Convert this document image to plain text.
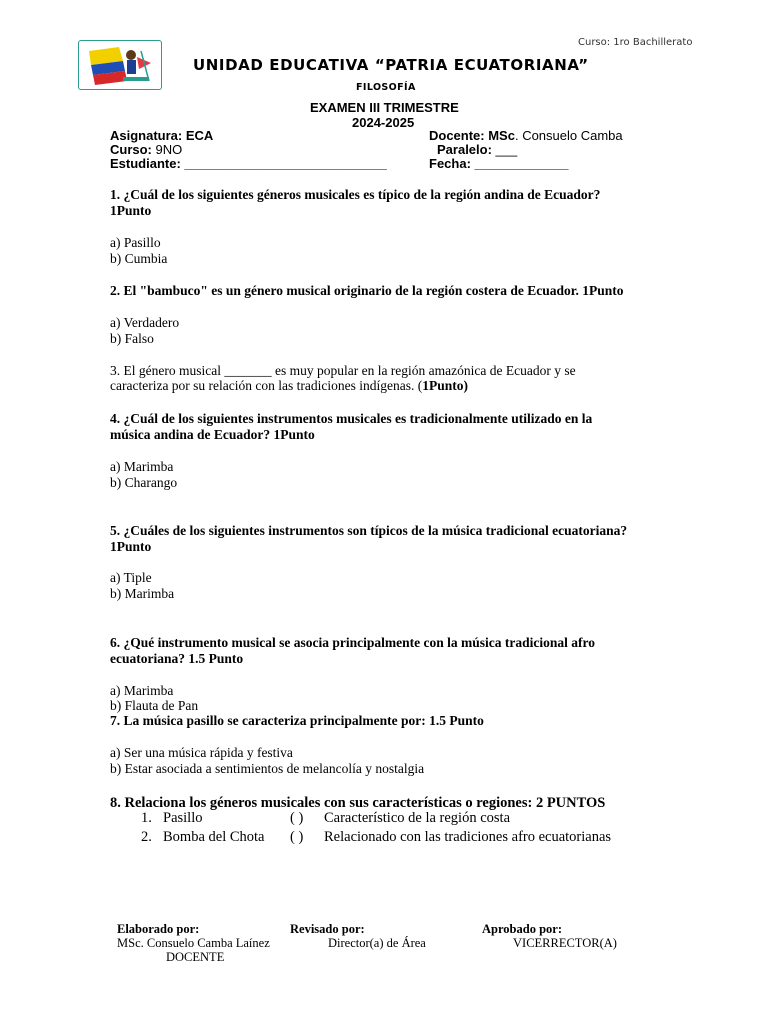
Curso: 1ro Bachillerato
UNIDAD EDUCATIVA “PATRIA ECUATORIANA”
FILOSOFÍA
EXAMEN III TRIMESTRE
2024-2025
Asignatura: ECA	Docente: MSc. Consuelo Camba
Curso: 9NO	Paralelo: ___
Estudiante: ____________________________	Fecha: _____________
1. ¿Cuál de los siguientes géneros musicales es típico de la región andina de Ecuador?
1Punto
a) Pasillo
b) Cumbia
2. El "bambuco" es un género musical originario de la región costera de Ecuador. 1Punto
a) Verdadero
b) Falso
3. El género musical _______ es muy popular en la región amazónica de Ecuador y se
caracteriza por su relación con las tradiciones indígenas. (1Punto)
4. ¿Cuál de los siguientes instrumentos musicales es tradicionalmente utilizado en la
música andina de Ecuador? 1Punto
a) Marimba
b) Charango
5. ¿Cuáles de los siguientes instrumentos son típicos de la música tradicional ecuatoriana?
1Punto
a) Tiple
b) Marimba
6. ¿Qué instrumento musical se asocia principalmente con la música tradicional afro
ecuatoriana? 1.5 Punto
a) Marimba
b) Flauta de Pan
7. La música pasillo se caracteriza principalmente por: 1.5 Punto
a) Ser una música rápida y festiva
b) Estar asociada a sentimientos de melancolía y nostalgia
8. Relaciona los géneros musicales con sus características o regiones: 2 PUNTOS
1. Pasillo	( ) Característico de la región costa
2. Bomba del Chota ( ) Relacionado con las tradiciones afro ecuatorianas
Elaborado por:
MSc. Consuelo Camba Laínez
DOCENTE
Revisado por:
Director(a) de Área
Aprobado por:
VICERRECTOR(A)
